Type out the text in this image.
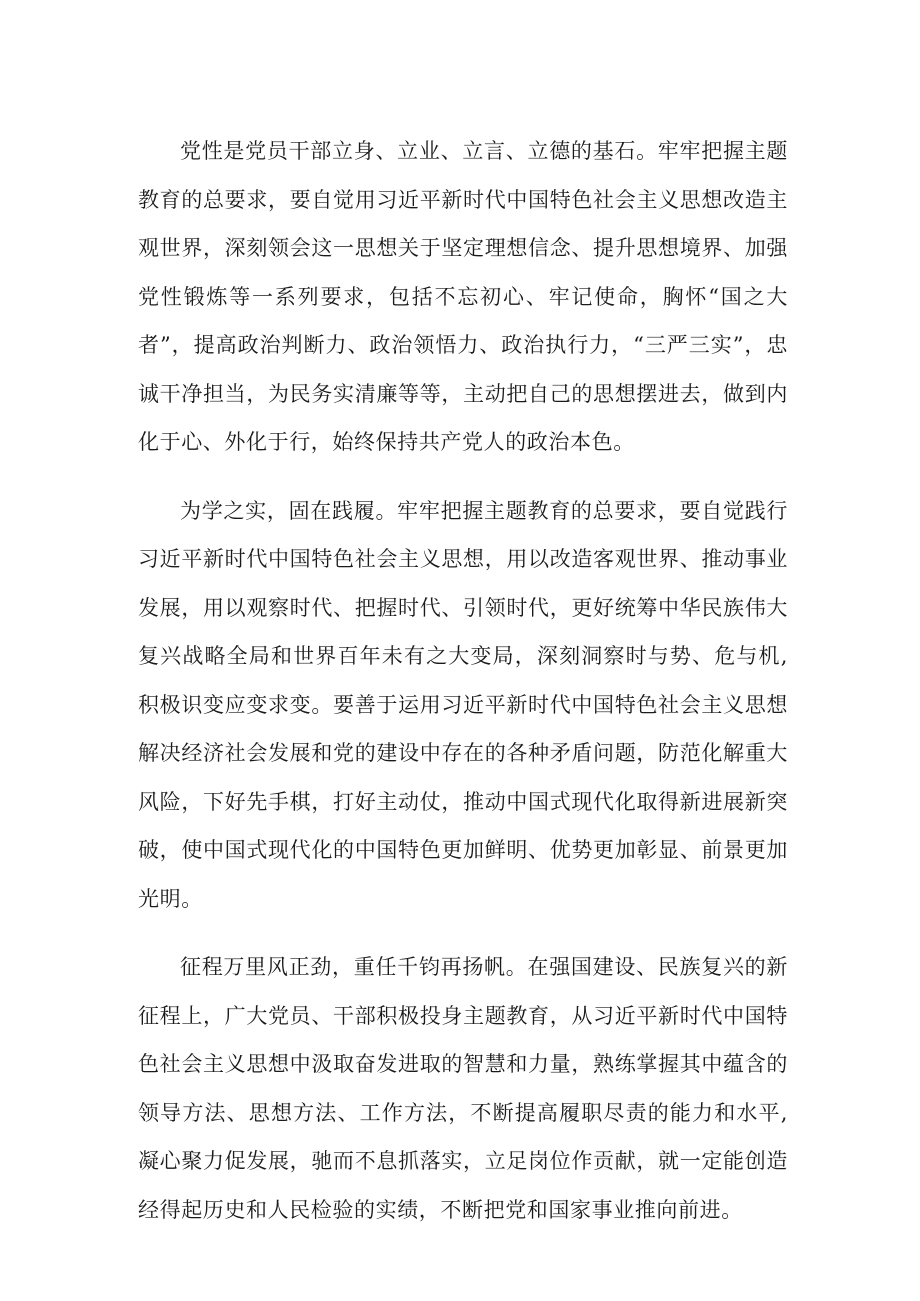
党性是党员干部立身、立业、立言、立德的基石。牢牢把握主题教育的总要求，要自觉用习近平新时代中国特色社会主义思想改造主观世界，深刻领会这一思想关于坚定理想信念、提升思想境界、加强党性锻炼等一系列要求，包括不忘初心、牢记使命，胸怀“国之大者”，提高政治判断力、政治领悟力、政治执行力，“三严三实”，忠诚干净担当，为民务实清廉等等，主动把自己的思想摆进去，做到内化于心、外化于行，始终保持共产党人的政治本色。

为学之实，固在践履。牢牢把握主题教育的总要求，要自觉践行习近平新时代中国特色社会主义思想，用以改造客观世界、推动事业发展，用以观察时代、把握时代、引领时代，更好统筹中华民族伟大复兴战略全局和世界百年未有之大变局，深刻洞察时与势、危与机,积极识变应变求变。要善于运用习近平新时代中国特色社会主义思想解决经济社会发展和党的建设中存在的各种矛盾问题，防范化解重大风险，下好先手棋，打好主动仗，推动中国式现代化取得新进展新突破，使中国式现代化的中国特色更加鲜明、优势更加彰显、前景更加光明。

征程万里风正劲，重任千钧再扬帆。在强国建设、民族复兴的新征程上，广大党员、干部积极投身主题教育，从习近平新时代中国特色社会主义思想中汲取奋发进取的智慧和力量，熟练掌握其中蕴含的领导方法、思想方法、工作方法，不断提高履职尽责的能力和水平,凝心聚力促发展，驰而不息抓落实，立足岗位作贡献，就一定能创造经得起历史和人民检验的实绩，不断把党和国家事业推向前进。
